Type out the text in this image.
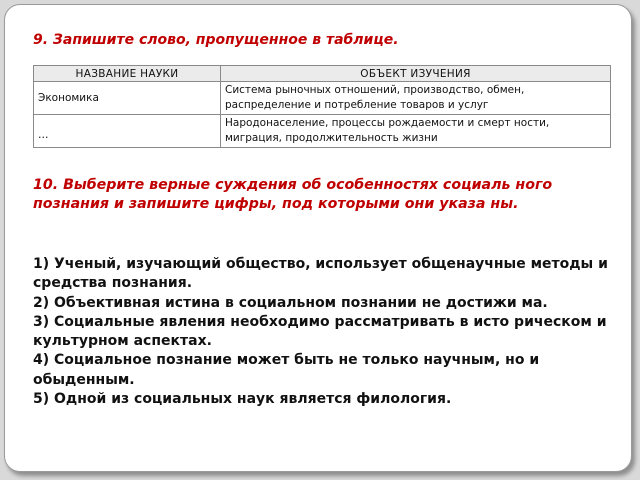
9. Запишите слово, пропущенное в таблице.
НАЗВАНИЕ НАУКИ	ОБЪЕКТ ИЗУЧЕНИЯ
Экономика	Система рыночных отношений, производство, обмен, распределение и потребление товаров и услуг
…	Народонаселение, процессы рождаемости и смерт ности, миграция, продолжительность жизни

10. Выберите верные суждения об особенностях социаль ного познания и запишите цифры, под которыми они указа ны.

1) Ученый, изучающий общество, использует общенаучные методы и средства познания.
2) Объективная истина в социальном познании не достижи ма.
3) Социальные явления необходимо рассматривать в исто рическом и культурном аспектах.
4) Социальное познание может быть не только научным, но и обыденным.
5) Одной из социальных наук является филология.
